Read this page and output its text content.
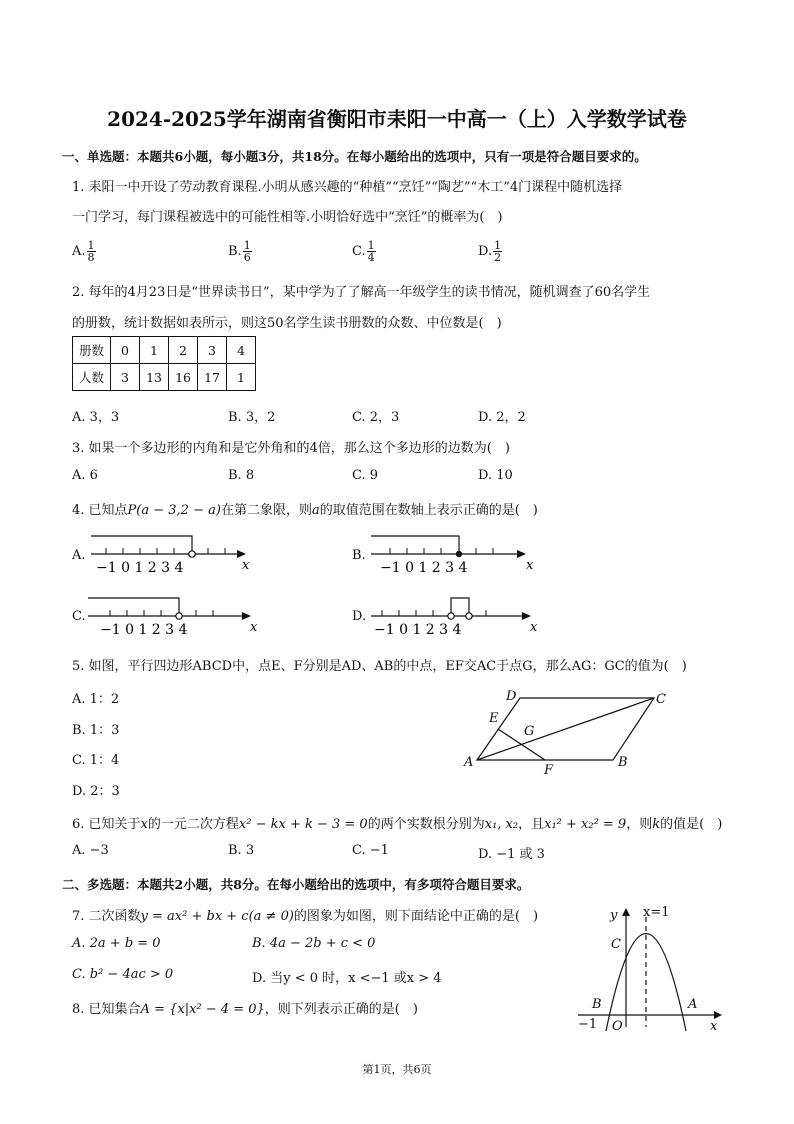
2024-2025学年湖南省衡阳市耒阳一中高一（上）入学数学试卷
一、单选题：本题共6小题，每小题3分，共18分。在每小题给出的选项中，只有一项是符合题目要求的。
1. 耒阳一中开设了劳动教育课程.小明从感兴趣的“种植”“烹饪”“陶艺”“木工”4门课程中随机选择
一门学习，每门课程被选中的可能性相等.小明恰好选中“烹饪”的概率为(　)
A. $\frac{1}{8}$	B. $\frac{1}{6}$	C. $\frac{1}{4}$	D. $\frac{1}{2}$
2. 每年的4月23日是“世界读书日”，某中学为了了解高一年级学生的读书情况，随机调查了60名学生
的册数，统计数据如表所示，则这50名学生读书册数的众数、中位数是(　)
册数	0	1	2	3	4
人数	3	13	16	17	1
A. 3，3	B. 3，2	C. 2，3	D. 2，2
3. 如果一个多边形的内角和是它外角和的4倍，那么这个多边形的边数为(　)
A. 6	B. 8	C. 9	D. 10
4. 已知点P(a − 3,2 − a)在第二象限，则a的取值范围在数轴上表示正确的是(　)
A.
−1 0 1 2 3 4	x
B.
−1 0 1 2 3 4	x
C.
−1 0 1 2 3 4	x
D.
−1 0 1 2 3 4	x
5. 如图，平行四边形ABCD中，点E、F分别是AD、AB的中点，EF交AC于点G，那么AG：GC的值为(　)
A. 1：2
B. 1：3
C. 1：4
D. 2：3
A	B
C
D
E
F
G
6. 已知关于x的一元二次方程x² − kx + k − 3 = 0的两个实数根分别为x₁, x₂，且x₁² + x₂² = 9，则k的值是(　)
A. −3	B. 3	C. −1	D. −1 或 3
二、多选题：本题共2小题，共8分。在每小题给出的选项中，有多项符合题目要求。
7. 二次函数y = ax² + bx + c(a ≠ 0)的图象为如图，则下面结论中正确的是(　)
A. 2a + b = 0	B. 4a − 2b + c < 0
C. b² − 4ac > 0	D. 当y < 0 时，x <−1 或x > 4
y x=1
C
B	A
−1 O	x
8. 已知集合A = {x|x² − 4 = 0}，则下列表示正确的是(　)
第1页，共6页
